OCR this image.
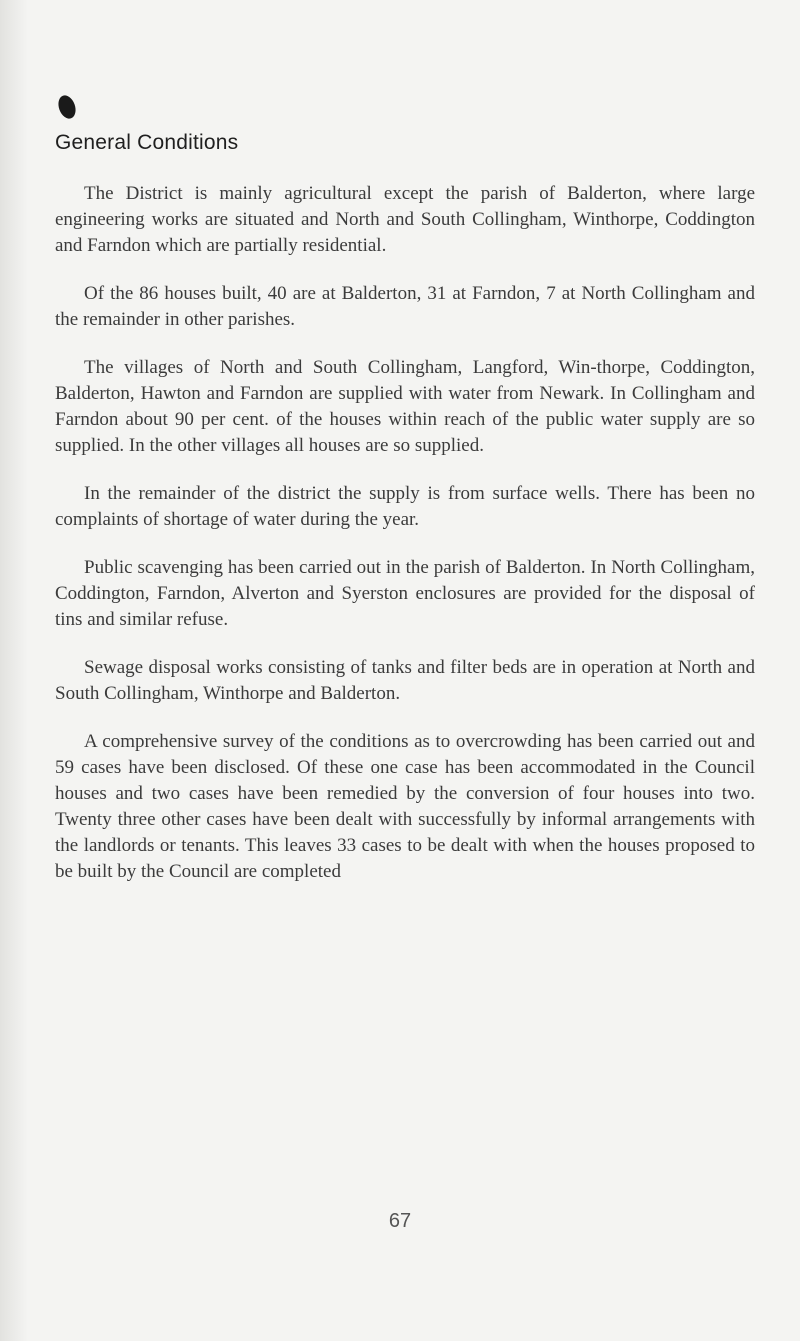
General Conditions

The District is mainly agricultural except the parish of Balderton, where large engineering works are situated and North and South Collingham, Winthorpe, Coddington and Farndon which are partially residential.

Of the 86 houses built, 40 are at Balderton, 31 at Farndon, 7 at North Collingham and the remainder in other parishes.

The villages of North and South Collingham, Langford, Win-thorpe, Coddington, Balderton, Hawton and Farndon are supplied with water from Newark. In Collingham and Farndon about 90 per cent. of the houses within reach of the public water supply are so supplied. In the other villages all houses are so supplied.

In the remainder of the district the supply is from surface wells. There has been no complaints of shortage of water during the year.

Public scavenging has been carried out in the parish of Balderton. In North Collingham, Coddington, Farndon, Alverton and Syerston enclosures are provided for the disposal of tins and similar refuse.

Sewage disposal works consisting of tanks and filter beds are in operation at North and South Collingham, Winthorpe and Balderton.

A comprehensive survey of the conditions as to overcrowding has been carried out and 59 cases have been disclosed. Of these one case has been accommodated in the Council houses and two cases have been remedied by the conversion of four houses into two. Twenty three other cases have been dealt with successfully by informal arrangements with the landlords or tenants. This leaves 33 cases to be dealt with when the houses proposed to be built by the Council are completed

67
